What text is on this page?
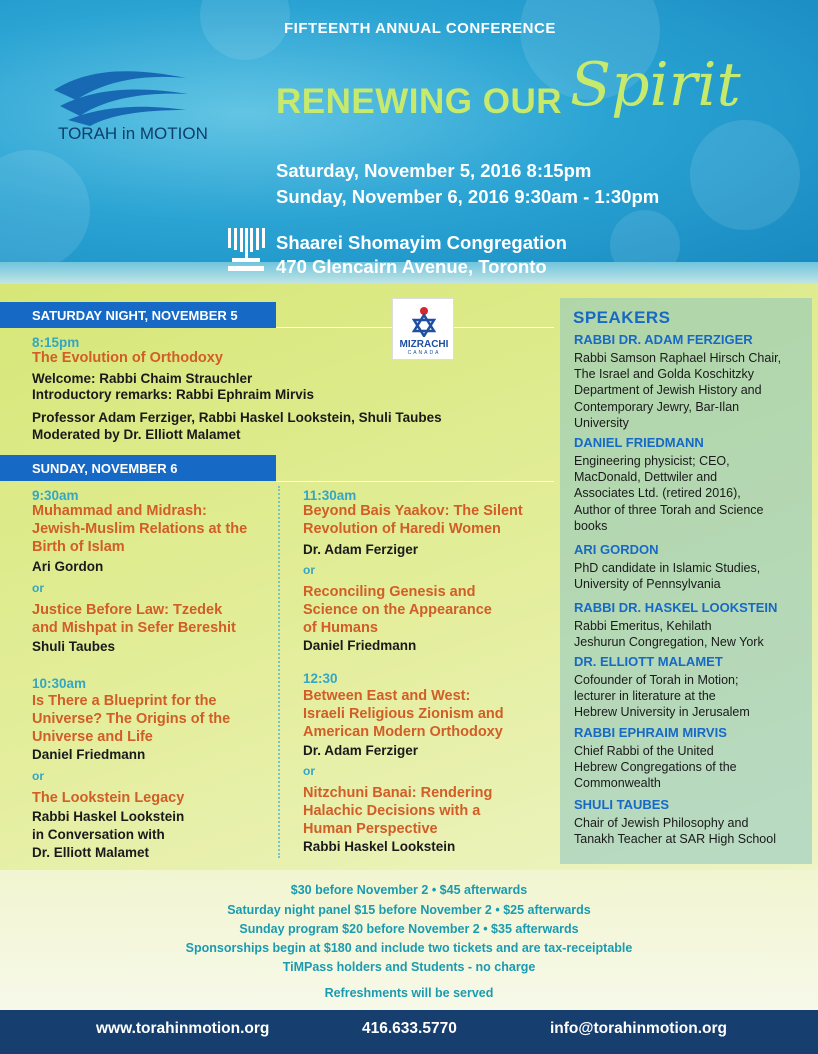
FIFTEENTH ANNUAL CONFERENCE
TORAH in MOTION
RENEWING OUR Spirit
Saturday, November 5, 2016 8:15pm
Sunday, November 6, 2016 9:30am - 1:30pm
Shaarei Shomayim Congregation
470 Glencairn Avenue, Toronto
SATURDAY NIGHT, NOVEMBER 5
MIZRACHI
CANADA
8:15pm
The Evolution of Orthodoxy
Welcome: Rabbi Chaim Strauchler
Introductory remarks: Rabbi Ephraim Mirvis
Professor Adam Ferziger, Rabbi Haskel Lookstein, Shuli Taubes
Moderated by Dr. Elliott Malamet
SUNDAY, NOVEMBER 6
9:30am
Muhammad and Midrash:
Jewish-Muslim Relations at the
Birth of Islam
Ari Gordon
or
Justice Before Law: Tzedek
and Mishpat in Sefer Bereshit
Shuli Taubes
10:30am
Is There a Blueprint for the
Universe? The Origins of the
Universe and Life
Daniel Friedmann
or
The Lookstein Legacy
Rabbi Haskel Lookstein
in Conversation with
Dr. Elliott Malamet
11:30am
Beyond Bais Yaakov: The Silent
Revolution of Haredi Women
Dr. Adam Ferziger
or
Reconciling Genesis and
Science on the Appearance
of Humans
Daniel Friedmann
12:30
Between East and West:
Israeli Religious Zionism and
American Modern Orthodoxy
Dr. Adam Ferziger
or
Nitzchuni Banai: Rendering
Halachic Decisions with a
Human Perspective
Rabbi Haskel Lookstein
SPEAKERS
RABBI DR. ADAM FERZIGER
Rabbi Samson Raphael Hirsch Chair,
The Israel and Golda Koschitzky
Department of Jewish History and
Contemporary Jewry, Bar-Ilan
University
DANIEL FRIEDMANN
Engineering physicist; CEO,
MacDonald, Dettwiler and
Associates Ltd. (retired 2016),
Author of three Torah and Science
books
ARI GORDON
PhD candidate in Islamic Studies,
University of Pennsylvania
RABBI DR. HASKEL LOOKSTEIN
Rabbi Emeritus, Kehilath
Jeshurun Congregation, New York
DR. ELLIOTT MALAMET
Cofounder of Torah in Motion;
lecturer in literature at the
Hebrew University in Jerusalem
RABBI EPHRAIM MIRVIS
Chief Rabbi of the United
Hebrew Congregations of the
Commonwealth
SHULI TAUBES
Chair of Jewish Philosophy and
Tanakh Teacher at SAR High School
$30 before November 2 • $45 afterwards
Saturday night panel $15 before November 2 • $25 afterwards
Sunday program $20 before November 2 • $35 afterwards
Sponsorships begin at $180 and include two tickets and are tax-receiptable
TiMPass holders and Students - no charge
Refreshments will be served
www.torahinmotion.org	416.633.5770	info@torahinmotion.org
